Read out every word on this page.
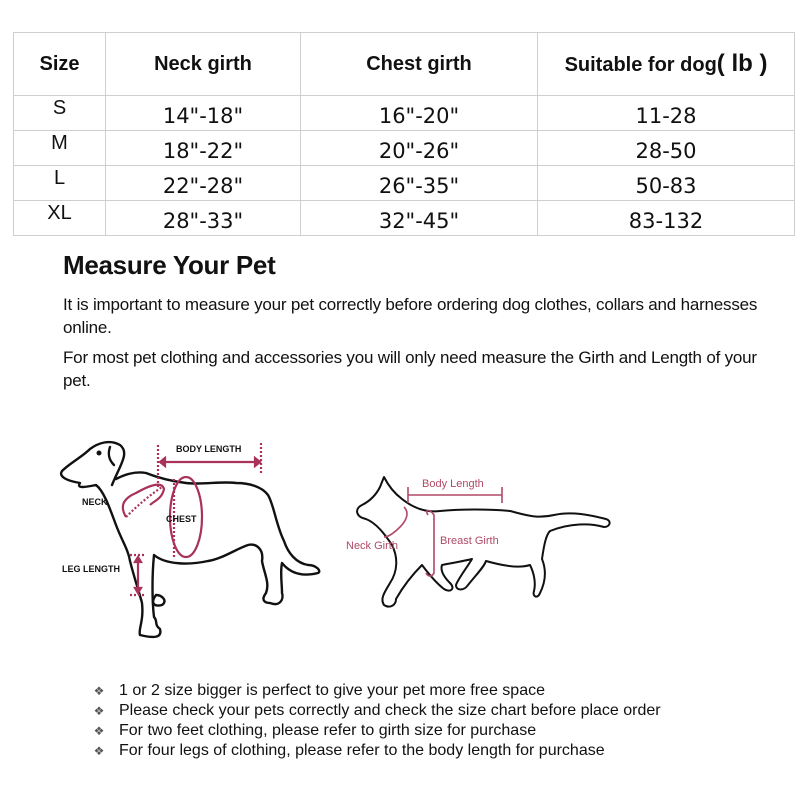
Size	Neck girth	Chest girth	Suitable for dog( lb )
S	14"-18"	16"-20"	11-28
M	18"-22"	20"-26"	28-50
L	22"-28"	26"-35"	50-83
XL	28"-33"	32"-45"	83-132
Measure Your Pet

It is important to measure your pet correctly before ordering dog clothes, collars and harnesses online.

For most pet clothing and accessories you will only need measure the Girth and Length of your pet.

BODY LENGTH
NECK
CHEST
LEG LENGTH
Body Length
Neck Girth	Breast Girth
❖ 1 or 2 size bigger is perfect to give your pet more free space
❖ Please check your pets correctly and check the size chart before place order
❖ For two feet clothing, please refer to girth size for purchase
❖ For four legs of clothing, please refer to the body length for purchase
